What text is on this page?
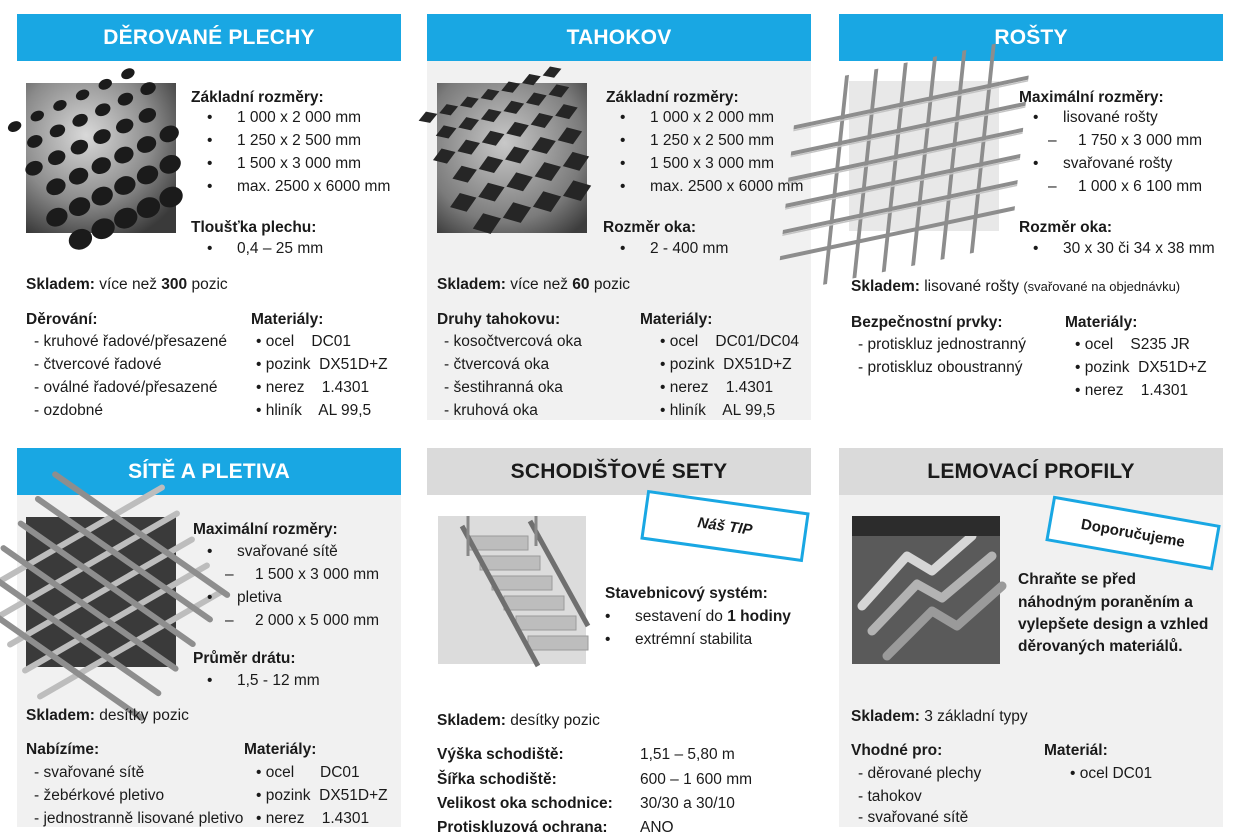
DĚROVANÉ PLECHY
Základní rozměry:
• 1 000 x 2 000 mm
• 1 250 x 2 500 mm
• 1 500 x 3 000 mm
• max. 2500 x 6000 mm
Tloušťka plechu:
• 0,4 – 25 mm
Skladem: více než 300 pozic
Děrování:
- kruhové řadové/přesazené
- čtvercové řadové
- oválné řadové/přesazené
- ozdobné
Materiály:
• ocel    DC01
• pozink  DX51D+Z
• nerez    1.4301
• hliník    AL 99,5
TAHOKOV
Základní rozměry:
• 1 000 x 2 000 mm
• 1 250 x 2 500 mm
• 1 500 x 3 000 mm
• max. 2500 x 6000 mm
Rozměr oka:
• 2 - 400 mm
Skladem: více než 60 pozic
Druhy tahokovu:
- kosočtvercová oka
- čtvercová oka
- šestihranná oka
- kruhová oka
Materiály:
• ocel    DC01/DC04
• pozink  DX51D+Z
• nerez    1.4301
• hliník    AL 99,5
ROŠTY
Maximální rozměry:
• lisované rošty
– 1 750 x 3 000 mm
• svařované rošty
– 1 000 x 6 100 mm
Rozměr oka:
• 30 x 30 či 34 x 38 mm
Skladem: lisované rošty (svařované na objednávku)
Bezpečnostní prvky:
- protiskluz jednostranný
- protiskluz oboustranný
Materiály:
• ocel    S235 JR
• pozink  DX51D+Z
• nerez    1.4301
SÍTĚ A PLETIVA
Maximální rozměry:
• svařované sítě
– 1 500 x 3 000 mm
• pletiva
– 2 000 x 5 000 mm
Průměr drátu:
• 1,5 - 12 mm
Skladem: desítky pozic
Nabízíme:
- svařované sítě
- žebérkové pletivo
- jednostranně lisované pletivo
Materiály:
• ocel      DC01
• pozink  DX51D+Z
• nerez    1.4301
SCHODIŠŤOVÉ SETY
Náš TIP
Stavebnicový systém:
• sestavení do 1 hodiny
• extrémní stabilita
Skladem: desítky pozic
Výška schodiště:	1,51 – 5,80 m
Šířka schodiště:	600 – 1 600 mm
Velikost oka schodnice: 30/30 a 30/10
Protiskluzová ochrana: ANO
LEMOVACÍ PROFILY
Doporučujeme
Chraňte se před
náhodným poraněním a
vylepšete design a vzhled
děrovaných materiálů.
Skladem: 3 základní typy
Vhodné pro:
- děrované plechy
- tahokov
- svařované sítě
Materiál:
• ocel DC01
